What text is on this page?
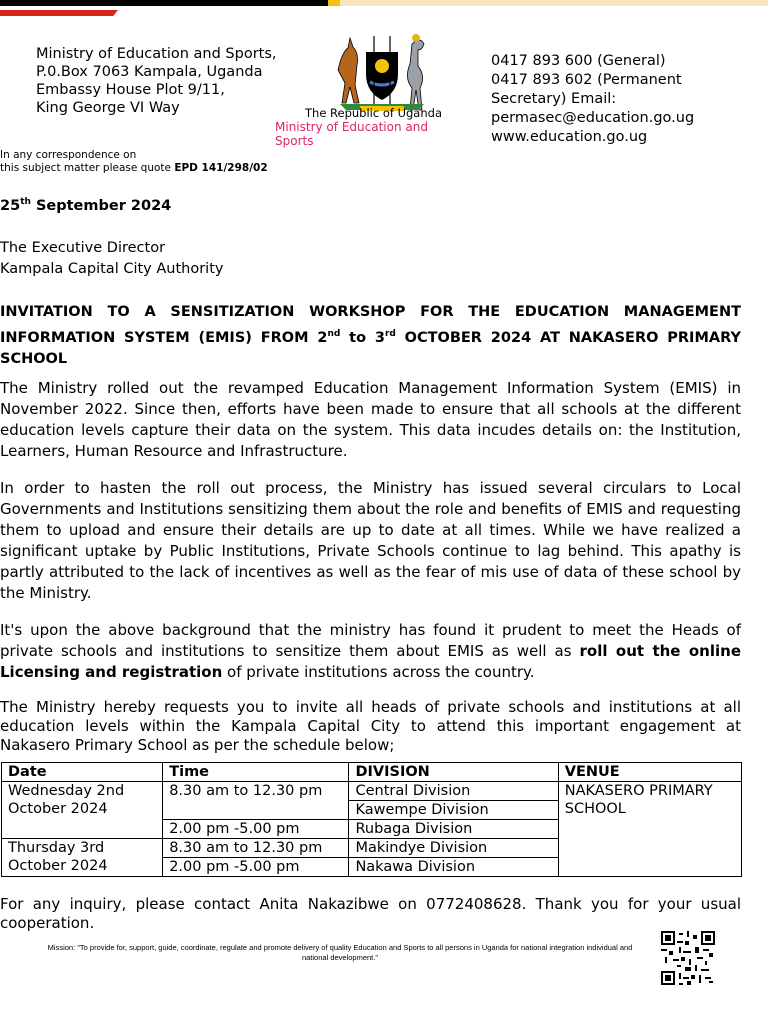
Ministry of Education and Sports,
P.0.Box 7063 Kampala, Uganda
Embassy House Plot 9/11,
King George VI Way	The Republic of Uganda
Ministry of Education and Sports
0417 893 600 (General)
0417 893 602 (Permanent
Secretary) Email:
permasec@education.go.ug
www.education.go.ug
In any correspondence on
this subject matter please quote EPD 141/298/02
25th September 2024
The Executive Director
Kampala Capital City Authority
INVITATION TO A SENSITIZATION WORKSHOP FOR THE EDUCATION MANAGEMENT INFORMATION SYSTEM (EMIS) FROM 2nd to 3rd OCTOBER 2024 AT NAKASERO PRIMARY SCHOOL
The Ministry rolled out the revamped Education Management Information System (EMIS) in November 2022. Since then, efforts have been made to ensure that all schools at the different education levels capture their data on the system. This data incudes details on: the Institution, Learners, Human Resource and Infrastructure.
In order to hasten the roll out process, the Ministry has issued several circulars to Local Governments and Institutions sensitizing them about the role and benefits of EMIS and requesting them to upload and ensure their details are up to date at all times. While we have realized a significant uptake by Public Institutions, Private Schools continue to lag behind. This apathy is partly attributed to the lack of incentives as well as the fear of mis use of data of these school by the Ministry.
It's upon the above background that the ministry has found it prudent to meet the Heads of private schools and institutions to sensitize them about EMIS as well as roll out the online Licensing and registration of private institutions across the country.
The Ministry hereby requests you to invite all heads of private schools and institutions at all education levels within the Kampala Capital City to attend this important engagement at Nakasero Primary School as per the schedule below;
Date	Time	DIVISION	VENUE
Wednesday 2nd October 2024	8.30 am to 12.30 pm	Central Division	NAKASERO PRIMARY SCHOOL
		Kawempe Division	
	2.00 pm -5.00 pm	Rubaga Division	
Thursday 3rd October 2024	8.30 am to 12.30 pm	Makindye Division	
	2.00 pm -5.00 pm	Nakawa Division	
For any inquiry, please contact Anita Nakazibwe on 0772408628. Thank you for your usual cooperation.
Mission: "To provide for, support, guide, coordinate, regulate and promote delivery of quality Education and Sports to all persons in Uganda for national integration individual and national development."
